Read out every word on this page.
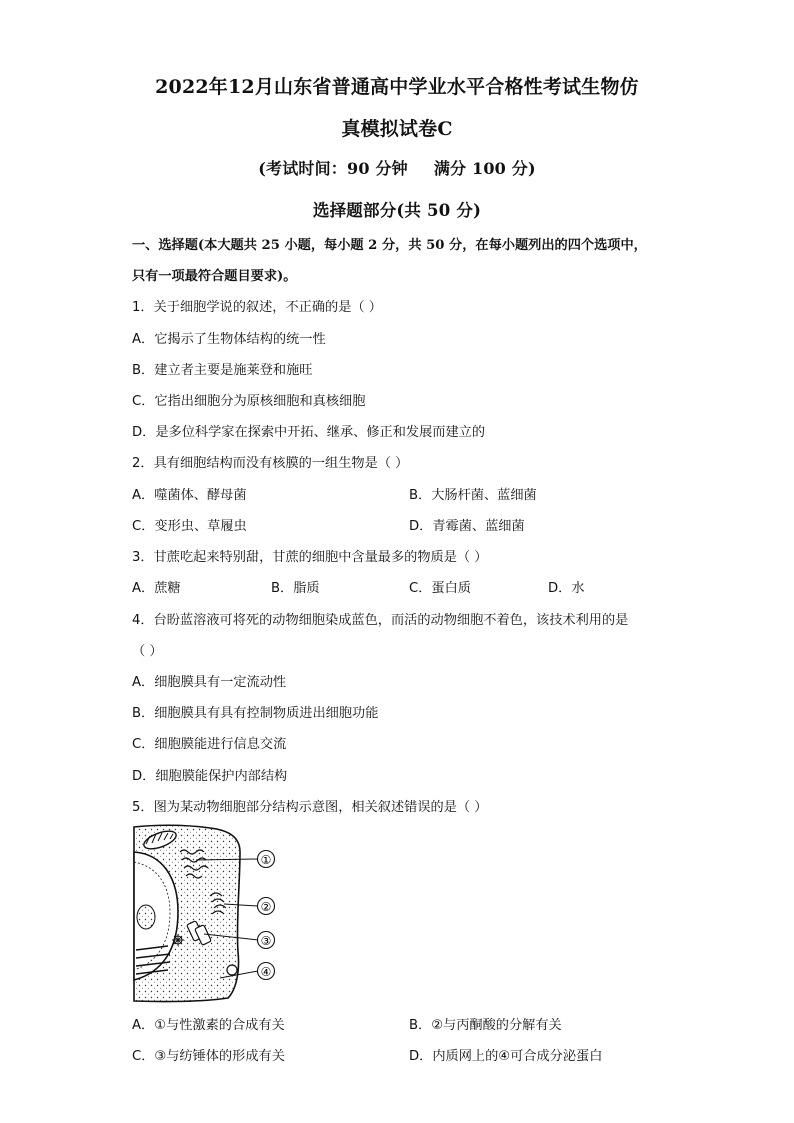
2022年12月山东省普通高中学业水平合格性考试生物仿
真模拟试卷C
(考试时间：90 分钟 满分 100 分)
选择题部分(共 50 分)
一、选择题(本大题共 25 小题，每小题 2 分，共 50 分，在每小题列出的四个选项中，
只有一项最符合题目要求)。
1．关于细胞学说的叙述，不正确的是（ ）
A．它揭示了生物体结构的统一性
B．建立者主要是施莱登和施旺
C．它指出细胞分为原核细胞和真核细胞
D．是多位科学家在探索中开拓、继承、修正和发展而建立的
2．具有细胞结构而没有核膜的一组生物是（ ）
A．噬菌体、酵母菌	B．大肠杆菌、蓝细菌
C．变形虫、草履虫	D．青霉菌、蓝细菌
3．甘蔗吃起来特别甜，甘蔗的细胞中含量最多的物质是（ ）
A．蔗糖	B．脂质	C．蛋白质	D．水
4．台盼蓝溶液可将死的动物细胞染成蓝色，而活的动物细胞不着色，该技术利用的是
（ ）
A．细胞膜具有一定流动性
B．细胞膜具有具有控制物质进出细胞功能
C．细胞膜能进行信息交流
D．细胞膜能保护内部结构
5．图为某动物细胞部分结构示意图，相关叙述错误的是（ ）
①
②
③
④
A．①与性激素的合成有关	B．②与丙酮酸的分解有关
C．③与纺锤体的形成有关	D．内质网上的④可合成分泌蛋白
